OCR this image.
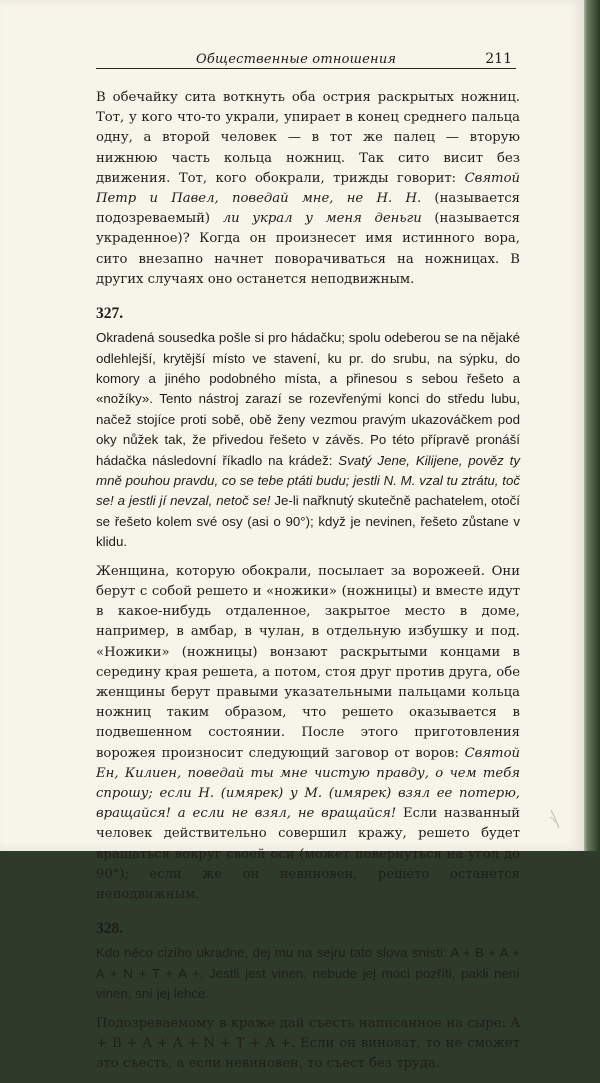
Общественные отношения	211

В обечайку сита воткнуть оба острия раскрытых ножниц. Тот, у кого что-то украли, упирает в конец среднего пальца одну, а второй человек — в тот же палец — вторую нижнюю часть кольца ножниц. Так сито висит без движения. Тот, кого обокрали, трижды говорит: Святой Петр и Павел, поведай мне, не Н. Н. (называется подозреваемый) ли украл у меня деньги (называется украденное)? Когда он произнесет имя истинного вора, сито внезапно начнет поворачиваться на ножницах. В других случаях оно останется неподвижным.

327.

Okradená sousedka pošle si pro hádačku; spolu odeberou se na nějaké odlehlejší, krytější místo ve stavení, ku pr. do srubu, na sýpku, do komory a jiného podobného místa, a přinesou s sebou řešeto a «nožíky». Tento nástroj zarazí se rozevřenými konci do středu lubu, načež stojíce proti sobě, obě ženy vezmou pravým ukazováčkem pod oky nůžek tak, že přivedou řešeto v závěs. Po této přípravě pronáší hádačka následovní říkadlo na krádež: Svatý Jene, Kilijene, pověz ty mně pouhou pravdu, co se tebe ptáti budu; jestli N. M. vzal tu ztrátu, toč se! a jestli jí nevzal, netoč se! Je-li nařknutý skutečně pachatelem, otočí se řešeto kolem své osy (asi o 90°); když je nevinen, řešeto zůstane v klidu.

Женщина, которую обокрали, посылает за ворожеей. Они берут с собой решето и «ножики» (ножницы) и вместе идут в какое-нибудь отдаленное, закрытое место в доме, например, в амбар, в чулан, в отдельную избушку и под. «Ножики» (ножницы) вонзают раскрытыми концами в середину края решета, а потом, стоя друг против друга, обе женщины берут правыми указательными пальцами кольца ножниц таким образом, что решето оказывается в подвешенном состоянии. После этого приготовления ворожея произносит следующий заговор от воров: Святой Ен, Килиен, поведай ты мне чистую правду, о чем тебя спрошу; если Н. (имярек) у М. (имярек) взял ее потерю, вращайся! а если не взял, не вращайся! Если названный человек действительно совершил кражу, решето будет вращаться вокруг своей оси (может повернуться на угол до 90°); если же он невиновен, решето останется неподвижным.

328.

Kdo něco cizího ukradne, dej mu na sejru tato slova snísti: A + B + A + A + N + T + A +. Jestli jest vinen, nebude jej moci pozříti, pakli není vinen, sní jej lehce.

Подозреваемому в краже дай съесть написанное на сыре: A + B + A + A + N + T + A +. Если он виноват, то не сможет это съесть, а если невиновен, то съест без труда.
